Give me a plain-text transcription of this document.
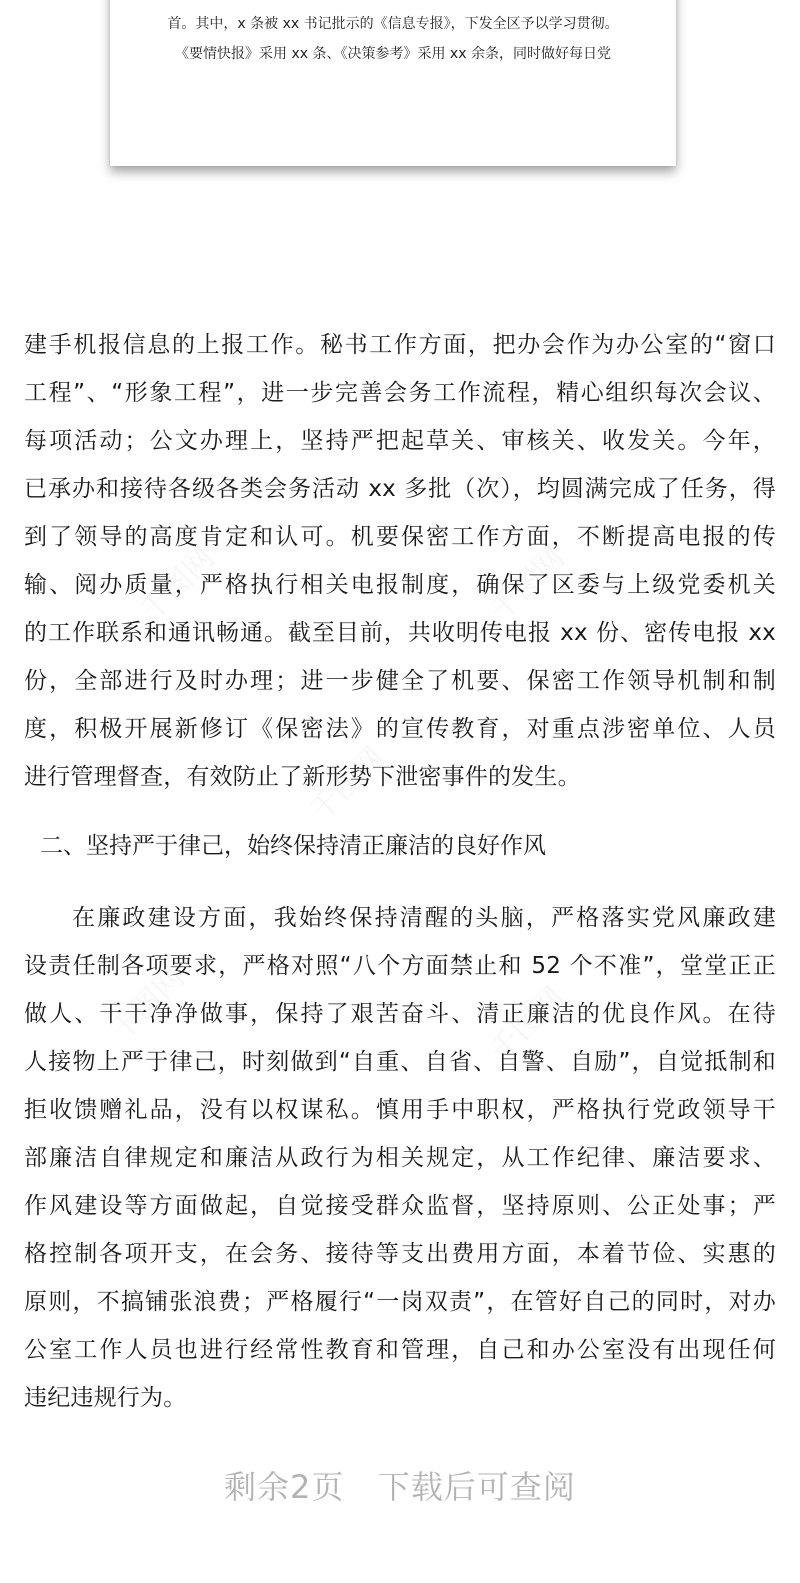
首。其中，x 条被 xx 书记批示的《信息专报》，下发全区予以学习贯彻。
《要情快报》采用 xx 条、《决策参考》采用 xx 余条，同时做好每日党
千图网	千图网
千图网
千图网	千图网
建手机报信息的上报工作。秘书工作方面，把办会作为办公室的“窗口
工程”、“形象工程”，进一步完善会务工作流程，精心组织每次会议、
每项活动；公文办理上，坚持严把起草关、审核关、收发关。今年，
已承办和接待各级各类会务活动 xx 多批（次），均圆满完成了任务，得
到了领导的高度肯定和认可。机要保密工作方面，不断提高电报的传
输、阅办质量，严格执行相关电报制度，确保了区委与上级党委机关
的工作联系和通讯畅通。截至目前，共收明传电报 xx 份、密传电报 xx
份，全部进行及时办理；进一步健全了机要、保密工作领导机制和制
度，积极开展新修订《保密法》的宣传教育，对重点涉密单位、人员
进行管理督查，有效防止了新形势下泄密事件的发生。
二、坚持严于律己，始终保持清正廉洁的良好作风
在廉政建设方面，我始终保持清醒的头脑，严格落实党风廉政建
设责任制各项要求，严格对照“八个方面禁止和 52 个不准”，堂堂正正
做人、干干净净做事，保持了艰苦奋斗、清正廉洁的优良作风。在待
人接物上严于律己，时刻做到“自重、自省、自警、自励”，自觉抵制和
拒收馈赠礼品，没有以权谋私。慎用手中职权，严格执行党政领导干
部廉洁自律规定和廉洁从政行为相关规定，从工作纪律、廉洁要求、
作风建设等方面做起，自觉接受群众监督，坚持原则、公正处事；严
格控制各项开支，在会务、接待等支出费用方面，本着节俭、实惠的
原则，不搞铺张浪费；严格履行“一岗双责”，在管好自己的同时，对办
公室工作人员也进行经常性教育和管理，自己和办公室没有出现任何
违纪违规行为。
剩余2页   下载后可查阅
